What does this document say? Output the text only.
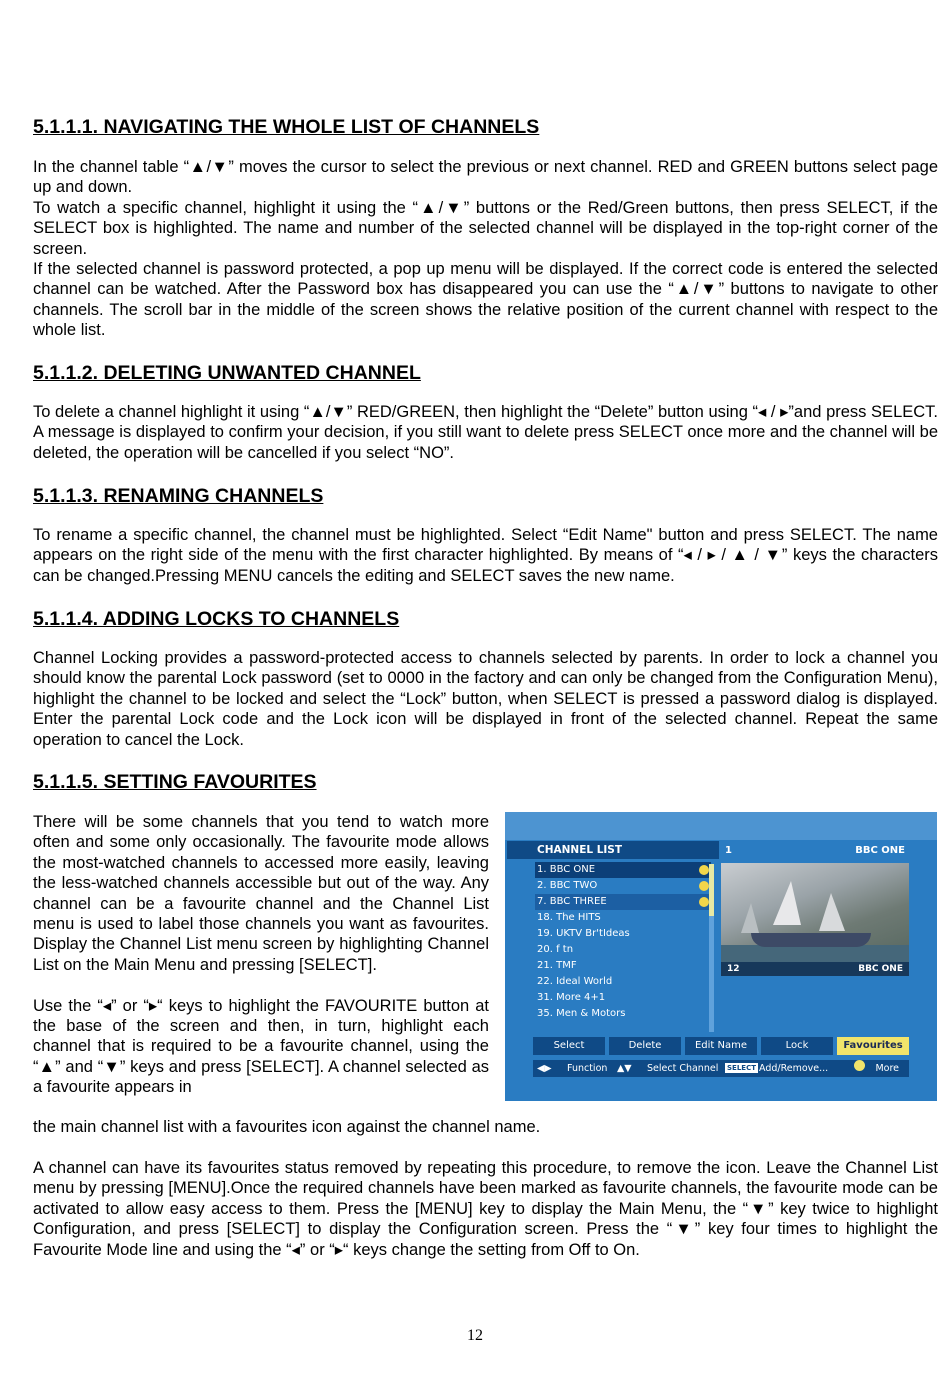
5.1.1.1. NAVIGATING THE WHOLE LIST OF CHANNELS

In the channel table “▲/▼” moves the cursor to select the previous or next channel. RED and GREEN buttons select page up and down.

To watch a specific channel, highlight it using the “▲/▼” buttons or the Red/Green buttons, then press SELECT, if the SELECT box is highlighted. The name and number of the selected channel will be displayed in the top-right corner of the screen.

If the selected channel is password protected, a pop up menu will be displayed. If the correct code is entered the selected channel can be watched. After the Password box has disappeared you can use the “▲/▼” buttons to navigate to other channels. The scroll bar in the middle of the screen shows the relative position of the current channel with respect to the whole list.

5.1.1.2. DELETING UNWANTED CHANNEL

To delete a channel highlight it using “▲/▼” RED/GREEN, then highlight the “Delete” button using “◂ / ▸”and press SELECT. A message is displayed to confirm your decision, if you still want to delete press SELECT once more and the channel will be deleted, the operation will be cancelled if you select “NO”.

5.1.1.3. RENAMING CHANNELS

To rename a specific channel, the channel must be highlighted. Select “Edit Name" button and press SELECT. The name appears on the right side of the menu with the first character highlighted. By means of “◂ / ▸ / ▲ / ▼” keys the characters can be changed.Pressing MENU cancels the editing and SELECT saves the new name.

5.1.1.4. ADDING LOCKS TO CHANNELS

Channel Locking provides a password-protected access to channels selected by parents. In order to lock a channel you should know the parental Lock password (set to 0000 in the factory and can only be changed from the Configuration Menu), highlight the channel to be locked and select the “Lock” button, when SELECT is pressed a password dialog is displayed. Enter the parental Lock code and the Lock icon will be displayed in front of the selected channel. Repeat the same operation to cancel the Lock.

5.1.1.5. SETTING FAVOURITES

There will be some channels that you tend to watch more often and some only occasionally. The favourite mode allows the most-watched channels to accessed more easily, leaving the less-watched channels accessible but out of the way. Any channel can be a favourite channel and the Channel List menu is used to label those channels you want as favourites. Display the Channel List menu screen by highlighting Channel List on the Main Menu and pressing [SELECT].

Use the “◂” or “▸“ keys to highlight the FAVOURITE button at the base of the screen and then, in turn, highlight each channel that is required to be a favourite channel, using the “▲” and “▼” keys and press [SELECT]. A channel selected as a favourite appears in

the main channel list with a favourites icon against the channel name.

A channel can have its favourites status removed by repeating this procedure, to remove the icon. Leave the Channel List menu by pressing [MENU].Once the required channels have been marked as favourite channels, the favourite mode can be activated to allow easy access to them. Press the [MENU] key to display the Main Menu, the “▼” key twice to highlight Configuration, and press [SELECT] to display the Configuration screen. Press the “▼” key four times to highlight the Favourite Mode line and using the “◂” or “▸“ keys change the setting from Off to On.

CHANNEL LIST	1	BBC ONE
1. BBC ONE
2. BBC TWO
7. BBC THREE
18. The HITS
19. UKTV Br'tIdeas
20. f tn
21. TMF
22. Ideal World
31. More 4+1
35. Men & Motors
12	BBC ONE
Select	Delete	Edit Name	Lock	Favourites
◀▶ Function ▲▼ Select Channel SELECT Add/Remove...	More
12
